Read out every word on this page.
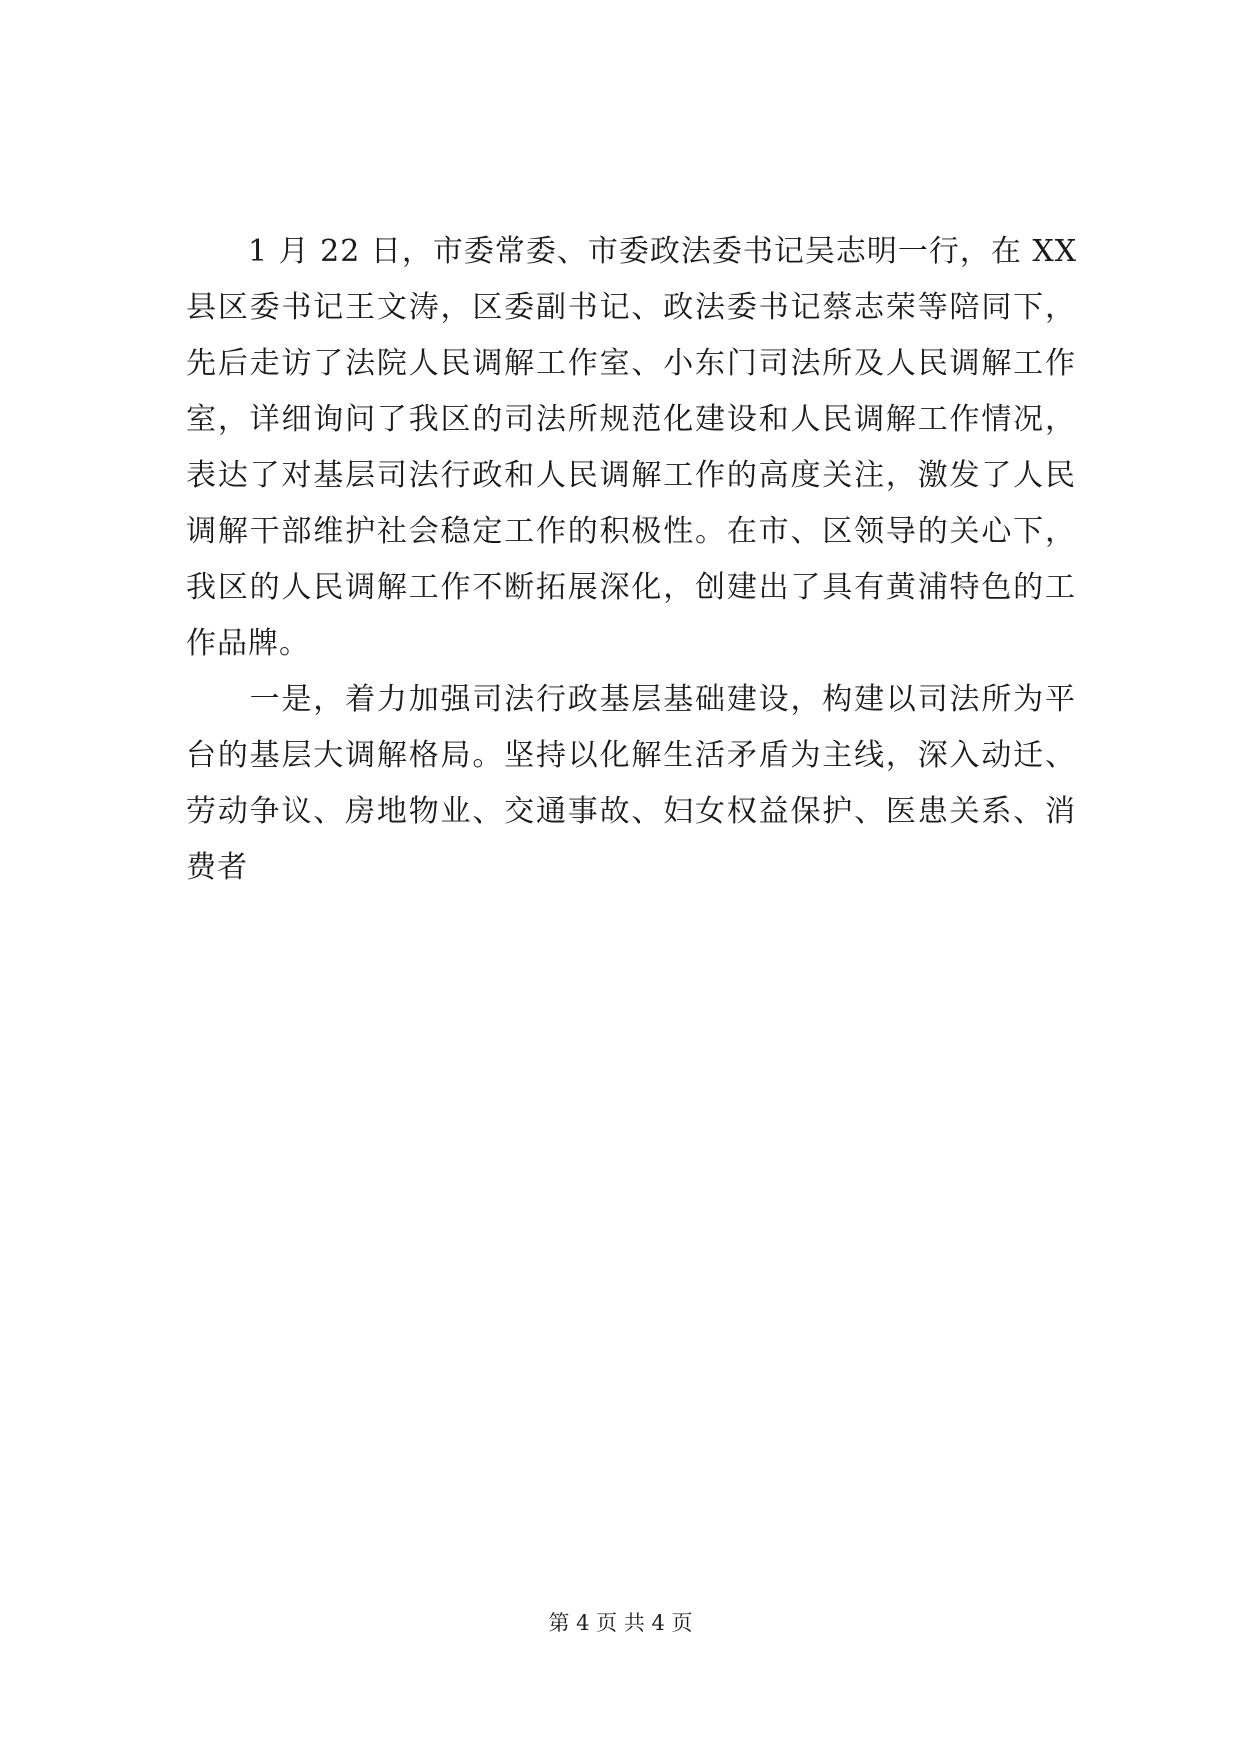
　　1 月 22 日，市委常委、市委政法委书记吴志明一行，在 XX
县区委书记王文涛，区委副书记、政法委书记蔡志荣等陪同下，
先后走访了法院人民调解工作室、小东门司法所及人民调解工作
室，详细询问了我区的司法所规范化建设和人民调解工作情况，
表达了对基层司法行政和人民调解工作的高度关注，激发了人民
调解干部维护社会稳定工作的积极性。在市、区领导的关心下，
我区的人民调解工作不断拓展深化，创建出了具有黄浦特色的工
作品牌。
　　一是，着力加强司法行政基层基础建设，构建以司法所为平
台的基层大调解格局。坚持以化解生活矛盾为主线，深入动迁、
劳动争议、房地物业、交通事故、妇女权益保护、医患关系、消
费者
第 4 页 共 4 页
